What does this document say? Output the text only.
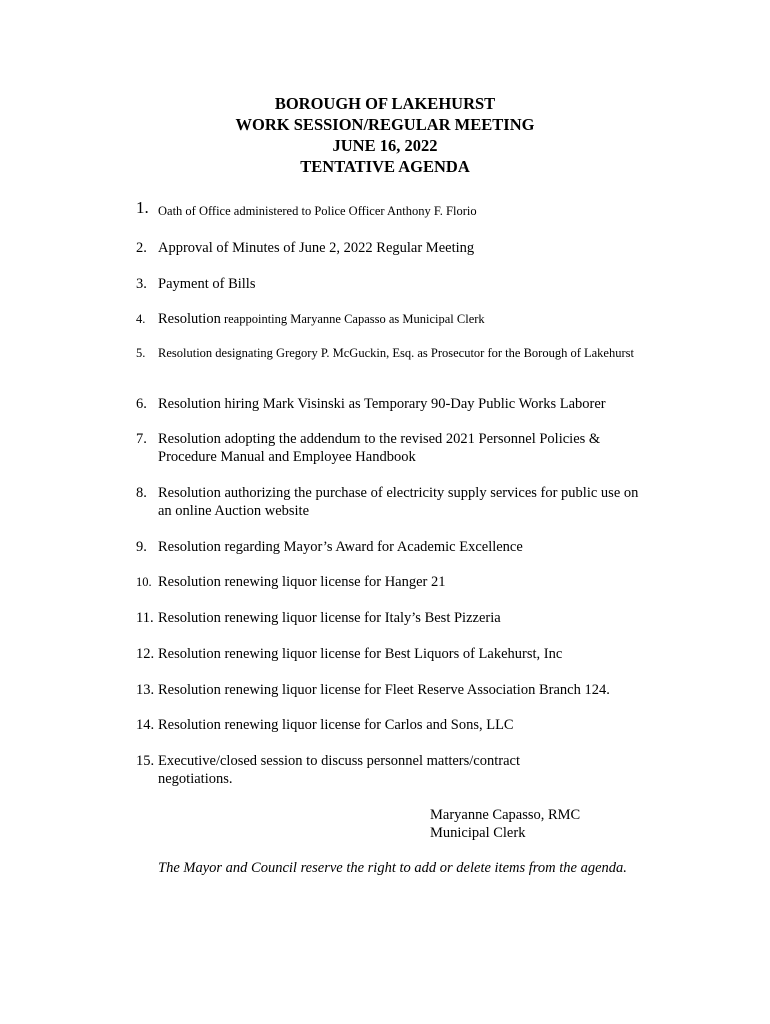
BOROUGH OF LAKEHURST
WORK SESSION/REGULAR MEETING
JUNE 16, 2022
TENTATIVE AGENDA
1. Oath of Office administered to Police Officer Anthony F. Florio
2. Approval of Minutes of June 2, 2022 Regular Meeting
3. Payment of Bills
4. Resolution reappointing Maryanne Capasso as Municipal Clerk
5.	Resolution designating Gregory P. McGuckin, Esq. as Prosecutor for the Borough of Lakehurst
6. Resolution hiring Mark Visinski as Temporary 90-Day Public Works Laborer
7. Resolution adopting the addendum to the revised 2021 Personnel Policies & Procedure Manual and Employee Handbook
8. Resolution authorizing the purchase of electricity supply services for public use on an online Auction website
9. Resolution regarding Mayor’s Award for Academic Excellence
10. Resolution renewing liquor license for Hanger 21
11. Resolution renewing liquor license for Italy’s Best Pizzeria
12. Resolution renewing liquor license for Best Liquors of Lakehurst, Inc
13. Resolution renewing liquor license for Fleet Reserve Association Branch 124.
14. Resolution renewing liquor license for Carlos and Sons, LLC
15. Executive/closed session to discuss personnel matters/contract negotiations.
Maryanne Capasso, RMC
Municipal Clerk
The Mayor and Council reserve the right to add or delete items from the agenda.
